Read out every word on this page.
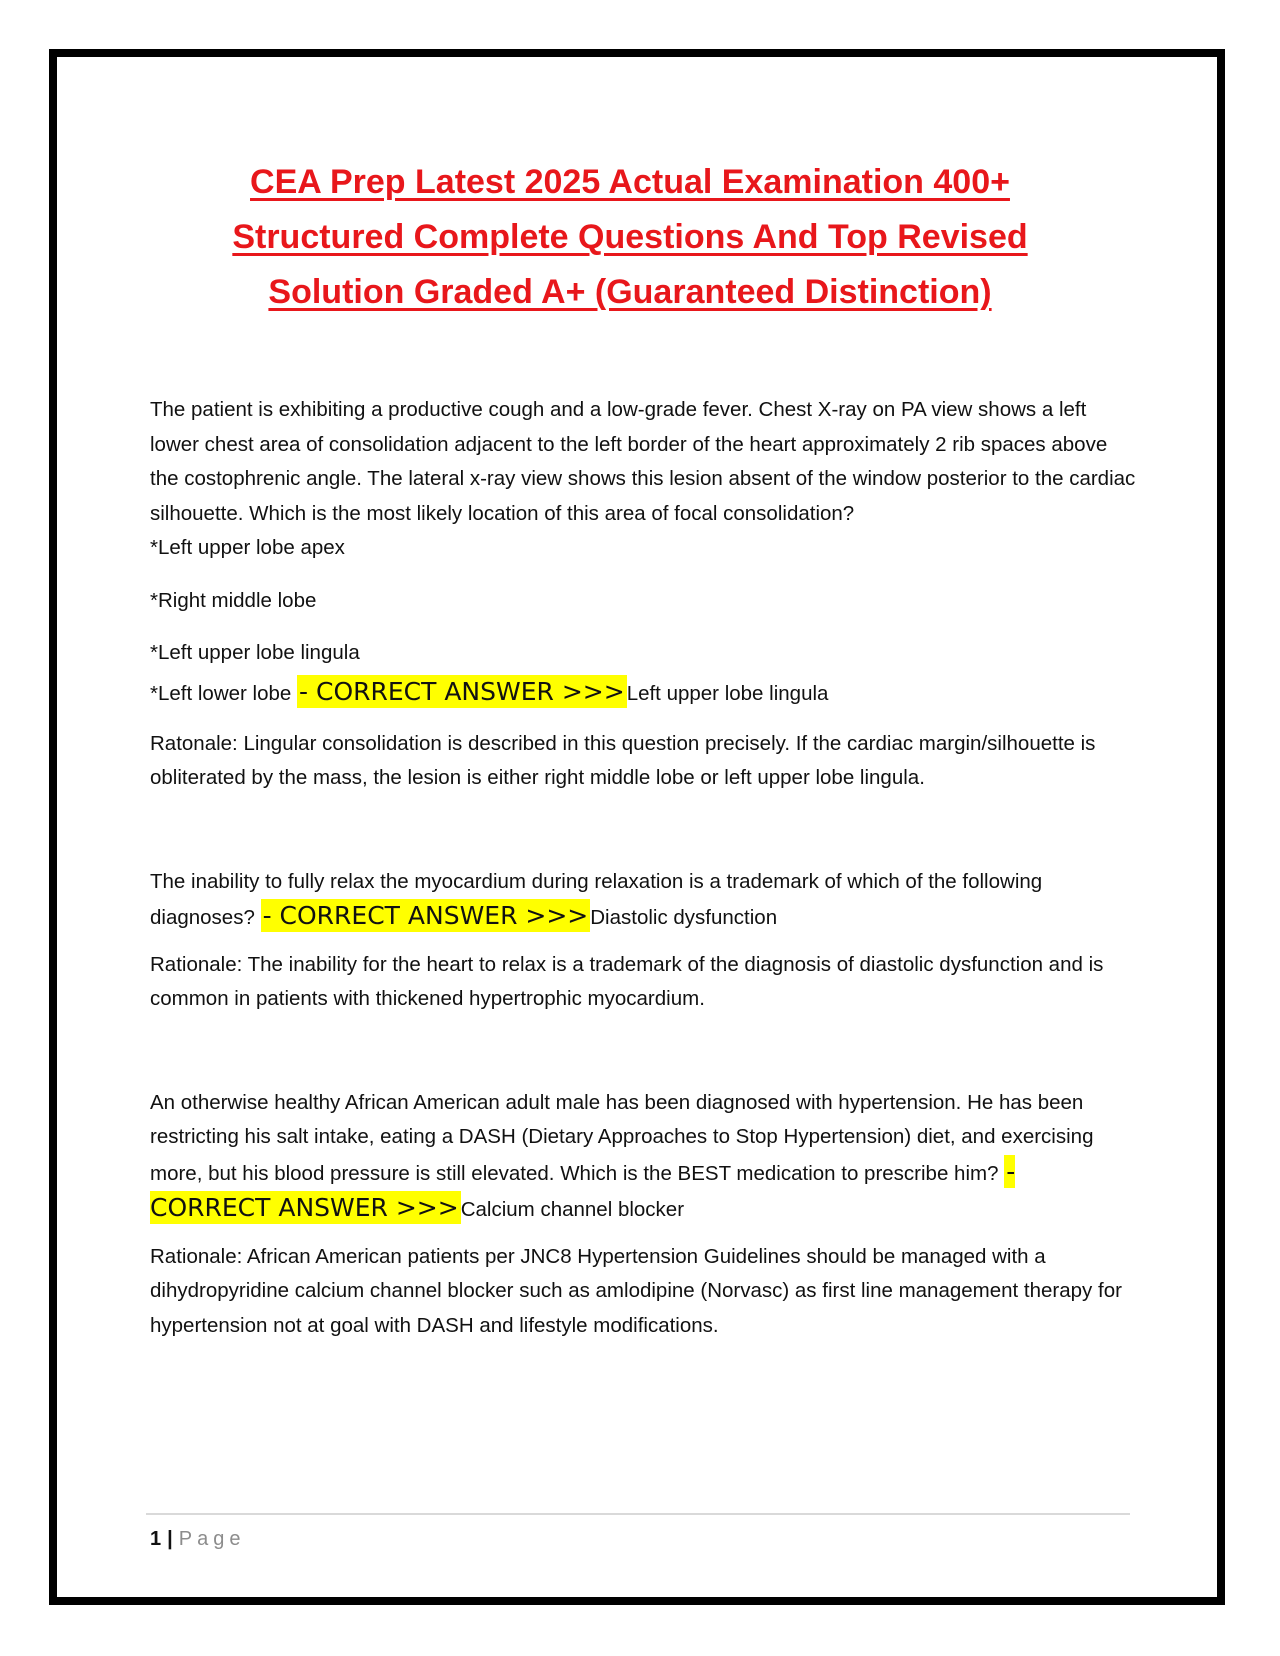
CEA Prep Latest 2025 Actual Examination 400+ Structured Complete Questions And Top Revised Solution Graded A+ (Guaranteed Distinction)

The patient is exhibiting a productive cough and a low-grade fever. Chest X-ray on PA view shows a left lower chest area of consolidation adjacent to the left border of the heart approximately 2 rib spaces above the costophrenic angle. The lateral x-ray view shows this lesion absent of the window posterior to the cardiac silhouette. Which is the most likely location of this area of focal consolidation?

*Left upper lobe apex

*Right middle lobe

*Left upper lobe lingula

*Left lower lobe - CORRECT ANSWER >>>Left upper lobe lingula

Ratonale: Lingular consolidation is described in this question precisely. If the cardiac margin/silhouette is obliterated by the mass, the lesion is either right middle lobe or left upper lobe lingula.

The inability to fully relax the myocardium during relaxation is a trademark of which of the following diagnoses? - CORRECT ANSWER >>>Diastolic dysfunction

Rationale: The inability for the heart to relax is a trademark of the diagnosis of diastolic dysfunction and is common in patients with thickened hypertrophic myocardium.

An otherwise healthy African American adult male has been diagnosed with hypertension. He has been restricting his salt intake, eating a DASH (Dietary Approaches to Stop Hypertension) diet, and exercising more, but his blood pressure is still elevated. Which is the BEST medication to prescribe him? - CORRECT ANSWER >>>Calcium channel blocker

Rationale: African American patients per JNC8 Hypertension Guidelines should be managed with a dihydropyridine calcium channel blocker such as amlodipine (Norvasc) as first line management therapy for hypertension not at goal with DASH and lifestyle modifications.

1 | Page
